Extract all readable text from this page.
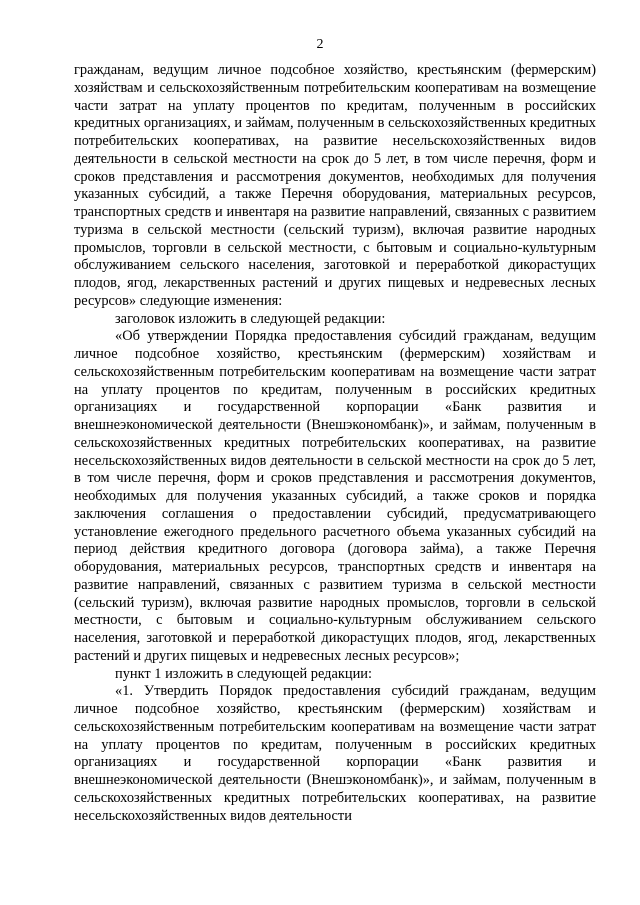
2

гражданам, ведущим личное подсобное хозяйство, крестьянским (фермерским) хозяйствам и сельскохозяйственным потребительским кооперативам на возмещение части затрат на уплату процентов по кредитам, полученным в российских кредитных организациях, и займам, полученным в сельскохозяйственных кредитных потребительских кооперативах, на развитие несельскохозяйственных видов деятельности в сельской местности на срок до 5 лет, в том числе перечня, форм и сроков представления и рассмотрения документов, необходимых для получения указанных субсидий, а также Перечня оборудования, материальных ресурсов, транспортных средств и инвентаря на развитие направлений, связанных с развитием туризма в сельской местности (сельский туризм), включая развитие народных промыслов, торговли в сельской местности, с бытовым и социально-культурным обслуживанием сельского населения, заготовкой и переработкой дикорастущих плодов, ягод, лекарственных растений и других пищевых и недревесных лесных ресурсов» следующие изменения:

заголовок изложить в следующей редакции:

«Об утверждении Порядка предоставления субсидий гражданам, ведущим личное подсобное хозяйство, крестьянским (фермерским) хозяйствам и сельскохозяйственным потребительским кооперативам на возмещение части затрат на уплату процентов по кредитам, полученным в российских кредитных организациях и государственной корпорации «Банк развития и внешнеэкономической деятельности (Внешэкономбанк)», и займам, полученным в сельскохозяйственных кредитных потребительских кооперативах, на развитие несельскохозяйственных видов деятельности в сельской местности на срок до 5 лет, в том числе перечня, форм и сроков представления и рассмотрения документов, необходимых для получения указанных субсидий, а также сроков и порядка заключения соглашения о предоставлении субсидий, предусматривающего установление ежегодного предельного расчетного объема указанных субсидий на период действия кредитного договора (договора займа), а также Перечня оборудования, материальных ресурсов, транспортных средств и инвентаря на развитие направлений, связанных с развитием туризма в сельской местности (сельский туризм), включая развитие народных промыслов, торговли в сельской местности, с бытовым и социально-культурным обслуживанием сельского населения, заготовкой и переработкой дикорастущих плодов, ягод, лекарственных растений и других пищевых и недревесных лесных ресурсов»;

пункт 1 изложить в следующей редакции:

«1. Утвердить Порядок предоставления субсидий гражданам, ведущим личное подсобное хозяйство, крестьянским (фермерским) хозяйствам и сельскохозяйственным потребительским кооперативам на возмещение части затрат на уплату процентов по кредитам, полученным в российских кредитных организациях и государственной корпорации «Банк развития и внешнеэкономической деятельности (Внешэкономбанк)», и займам, полученным в сельскохозяйственных кредитных потребительских кооперативах, на развитие несельскохозяйственных видов деятельности
